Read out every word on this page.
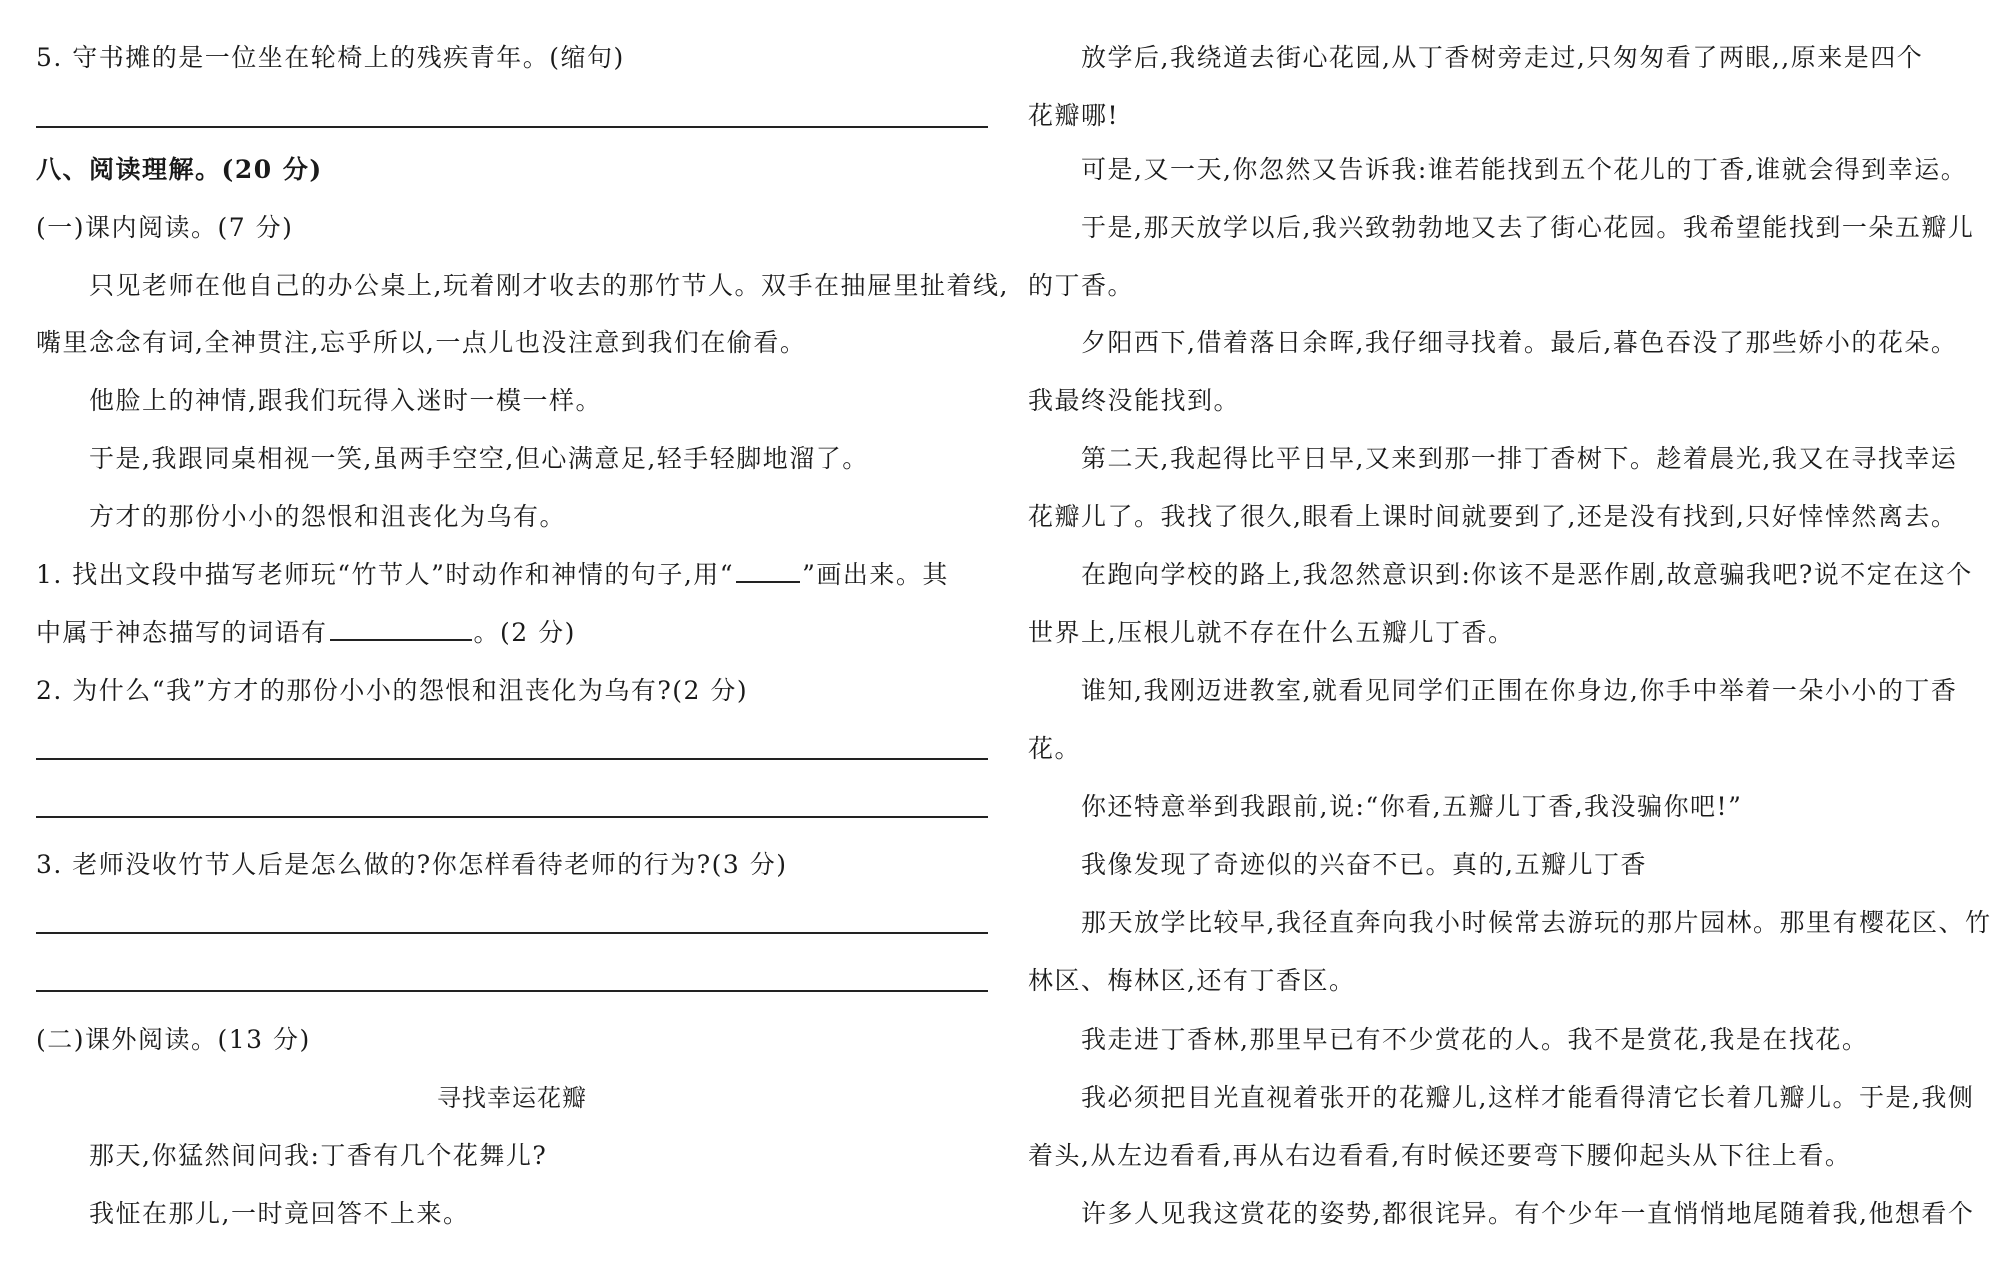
5. 守书摊的是一位坐在轮椅上的残疾青年。(缩句)
八、阅读理解。(20 分)
(一)课内阅读。(7 分)
只见老师在他自己的办公桌上,玩着刚才收去的那竹节人。双手在抽屉里扯着线,
嘴里念念有词,全神贯注,忘乎所以,一点儿也没注意到我们在偷看。
他脸上的神情,跟我们玩得入迷时一模一样。
于是,我跟同桌相视一笑,虽两手空空,但心满意足,轻手轻脚地溜了。
方才的那份小小的怨恨和沮丧化为乌有。
1. 找出文段中描写老师玩“竹节人”时动作和神情的句子,用“	”画出来。其
中属于神态描写的词语有	。(2 分)
2. 为什么“我”方才的那份小小的怨恨和沮丧化为乌有?(2 分)
3. 老师没收竹节人后是怎么做的?你怎样看待老师的行为?(3 分)
(二)课外阅读。(13 分)
寻找幸运花瓣
那天,你猛然间问我:丁香有几个花舞儿?
我怔在那儿,一时竟回答不上来。
放学后,我绕道去街心花园,从丁香树旁走过,只匆匆看了两眼,,原来是四个
花瓣哪!
可是,又一天,你忽然又告诉我:谁若能找到五个花儿的丁香,谁就会得到幸运。
于是,那天放学以后,我兴致勃勃地又去了街心花园。我希望能找到一朵五瓣儿
的丁香。
夕阳西下,借着落日余晖,我仔细寻找着。最后,暮色吞没了那些娇小的花朵。
我最终没能找到。
第二天,我起得比平日早,又来到那一排丁香树下。趁着晨光,我又在寻找幸运
花瓣儿了。我找了很久,眼看上课时间就要到了,还是没有找到,只好悻悻然离去。
在跑向学校的路上,我忽然意识到:你该不是恶作剧,故意骗我吧?说不定在这个
世界上,压根儿就不存在什么五瓣儿丁香。
谁知,我刚迈进教室,就看见同学们正围在你身边,你手中举着一朵小小的丁香
花。
你还特意举到我跟前,说:“你看,五瓣儿丁香,我没骗你吧!”
我像发现了奇迹似的兴奋不已。真的,五瓣儿丁香
那天放学比较早,我径直奔向我小时候常去游玩的那片园林。那里有樱花区、竹
林区、梅林区,还有丁香区。
我走进丁香林,那里早已有不少赏花的人。我不是赏花,我是在找花。
我必须把目光直视着张开的花瓣儿,这样才能看得清它长着几瓣儿。于是,我侧
着头,从左边看看,再从右边看看,有时候还要弯下腰仰起头从下往上看。
许多人见我这赏花的姿势,都很诧异。有个少年一直悄悄地尾随着我,他想看个
